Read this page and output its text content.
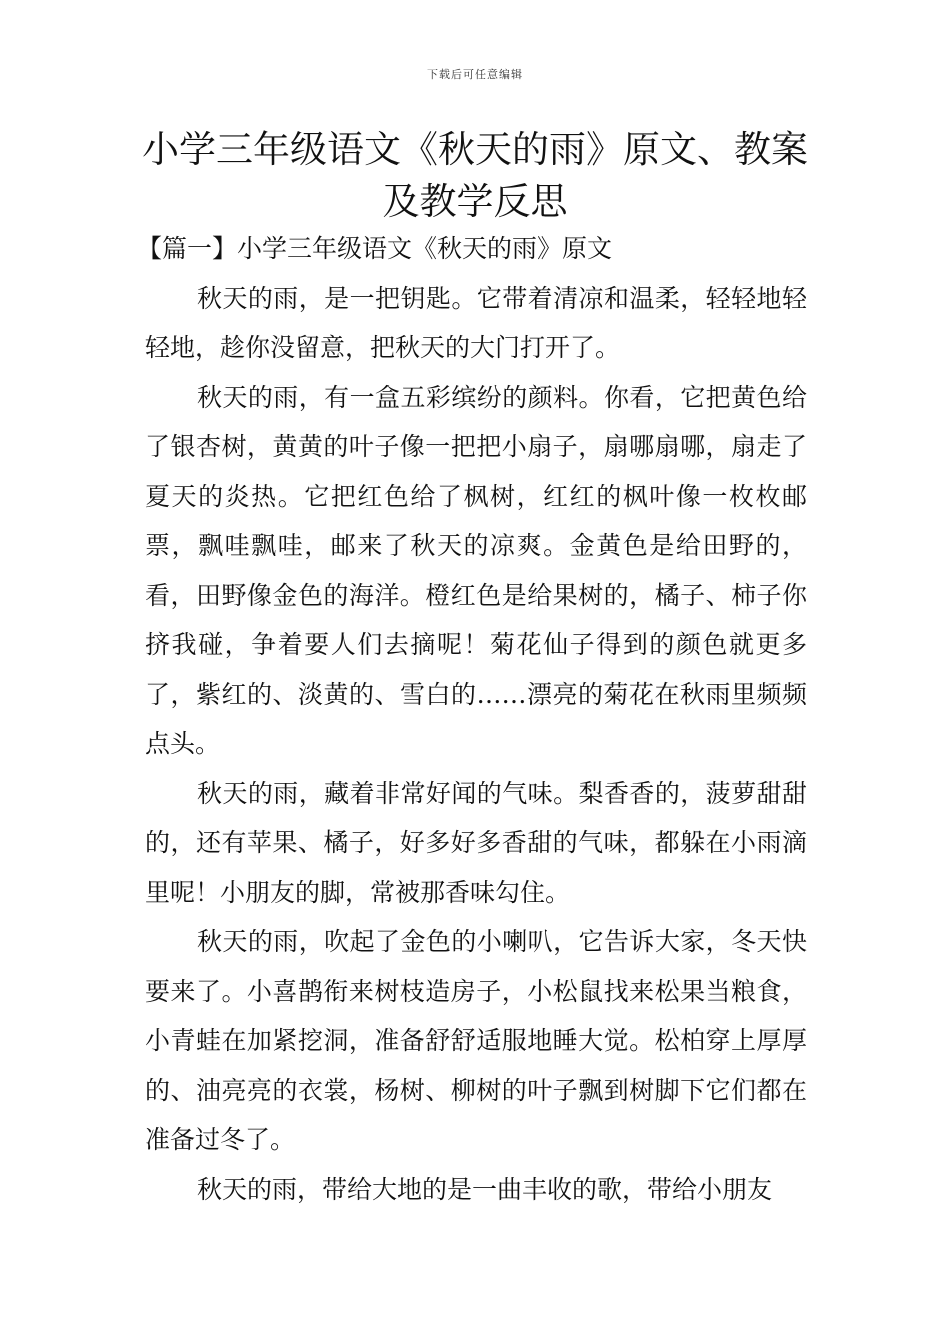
下载后可任意编辑
小学三年级语文《秋天的雨》原文、教案及教学反思

【篇一】小学三年级语文《秋天的雨》原文

秋天的雨，是一把钥匙。它带着清凉和温柔，轻轻地轻轻地，趁你没留意，把秋天的大门打开了。

秋天的雨，有一盒五彩缤纷的颜料。你看，它把黄色给了银杏树，黄黄的叶子像一把把小扇子，扇哪扇哪，扇走了夏天的炎热。它把红色给了枫树，红红的枫叶像一枚枚邮票，飘哇飘哇，邮来了秋天的凉爽。金黄色是给田野的，看，田野像金色的海洋。橙红色是给果树的，橘子、柿子你挤我碰，争着要人们去摘呢！菊花仙子得到的颜色就更多了，紫红的、淡黄的、雪白的……漂亮的菊花在秋雨里频频点头。

秋天的雨，藏着非常好闻的气味。梨香香的，菠萝甜甜的，还有苹果、橘子，好多好多香甜的气味，都躲在小雨滴里呢！小朋友的脚，常被那香味勾住。

秋天的雨，吹起了金色的小喇叭，它告诉大家，冬天快要来了。小喜鹊衔来树枝造房子，小松鼠找来松果当粮食，小青蛙在加紧挖洞，准备舒舒适服地睡大觉。松柏穿上厚厚的、油亮亮的衣裳，杨树、柳树的叶子飘到树脚下它们都在准备过冬了。

秋天的雨，带给大地的是一曲丰收的歌，带给小朋友
